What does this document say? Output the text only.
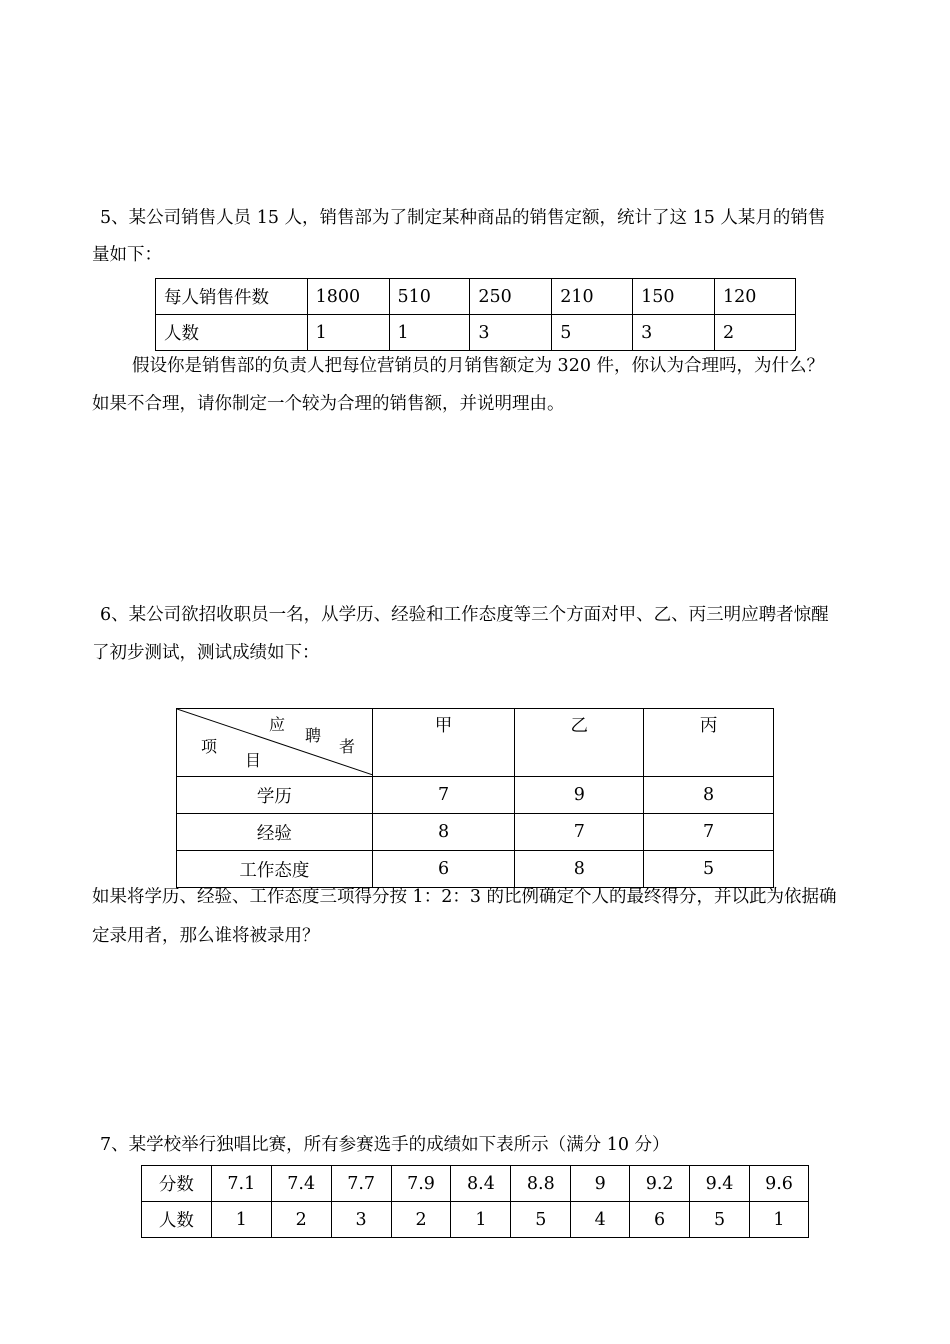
5、某公司销售人员 15 人，销售部为了制定某种商品的销售定额，统计了这 15 人某月的销售

量如下：

每人销售件数	1800	510	250	210	150	120
人数	1	1	3	5	3	2

假设你是销售部的负责人把每位营销员的月销售额定为 320 件，你认为合理吗，为什么？

如果不合理，请你制定一个较为合理的销售额，并说明理由。

6、某公司欲招收职员一名，从学历、经验和工作态度等三个方面对甲、乙、丙三明应聘者惊醒

了初步测试，测试成绩如下：

应
聘
者
项
目	甲	乙	丙
学历	7	9	8
经验	8	7	7
工作态度	6	8	5

如果将学历、经验、工作态度三项得分按 1：2：3 的比例确定个人的最终得分，并以此为依据确

定录用者，那么谁将被录用？

7、某学校举行独唱比赛，所有参赛选手的成绩如下表所示（满分 10 分）

分数	7.1	7.4	7.7	7.9	8.4	8.8	9	9.2	9.4	9.6
人数	1	2	3	2	1	5	4	6	5	1
